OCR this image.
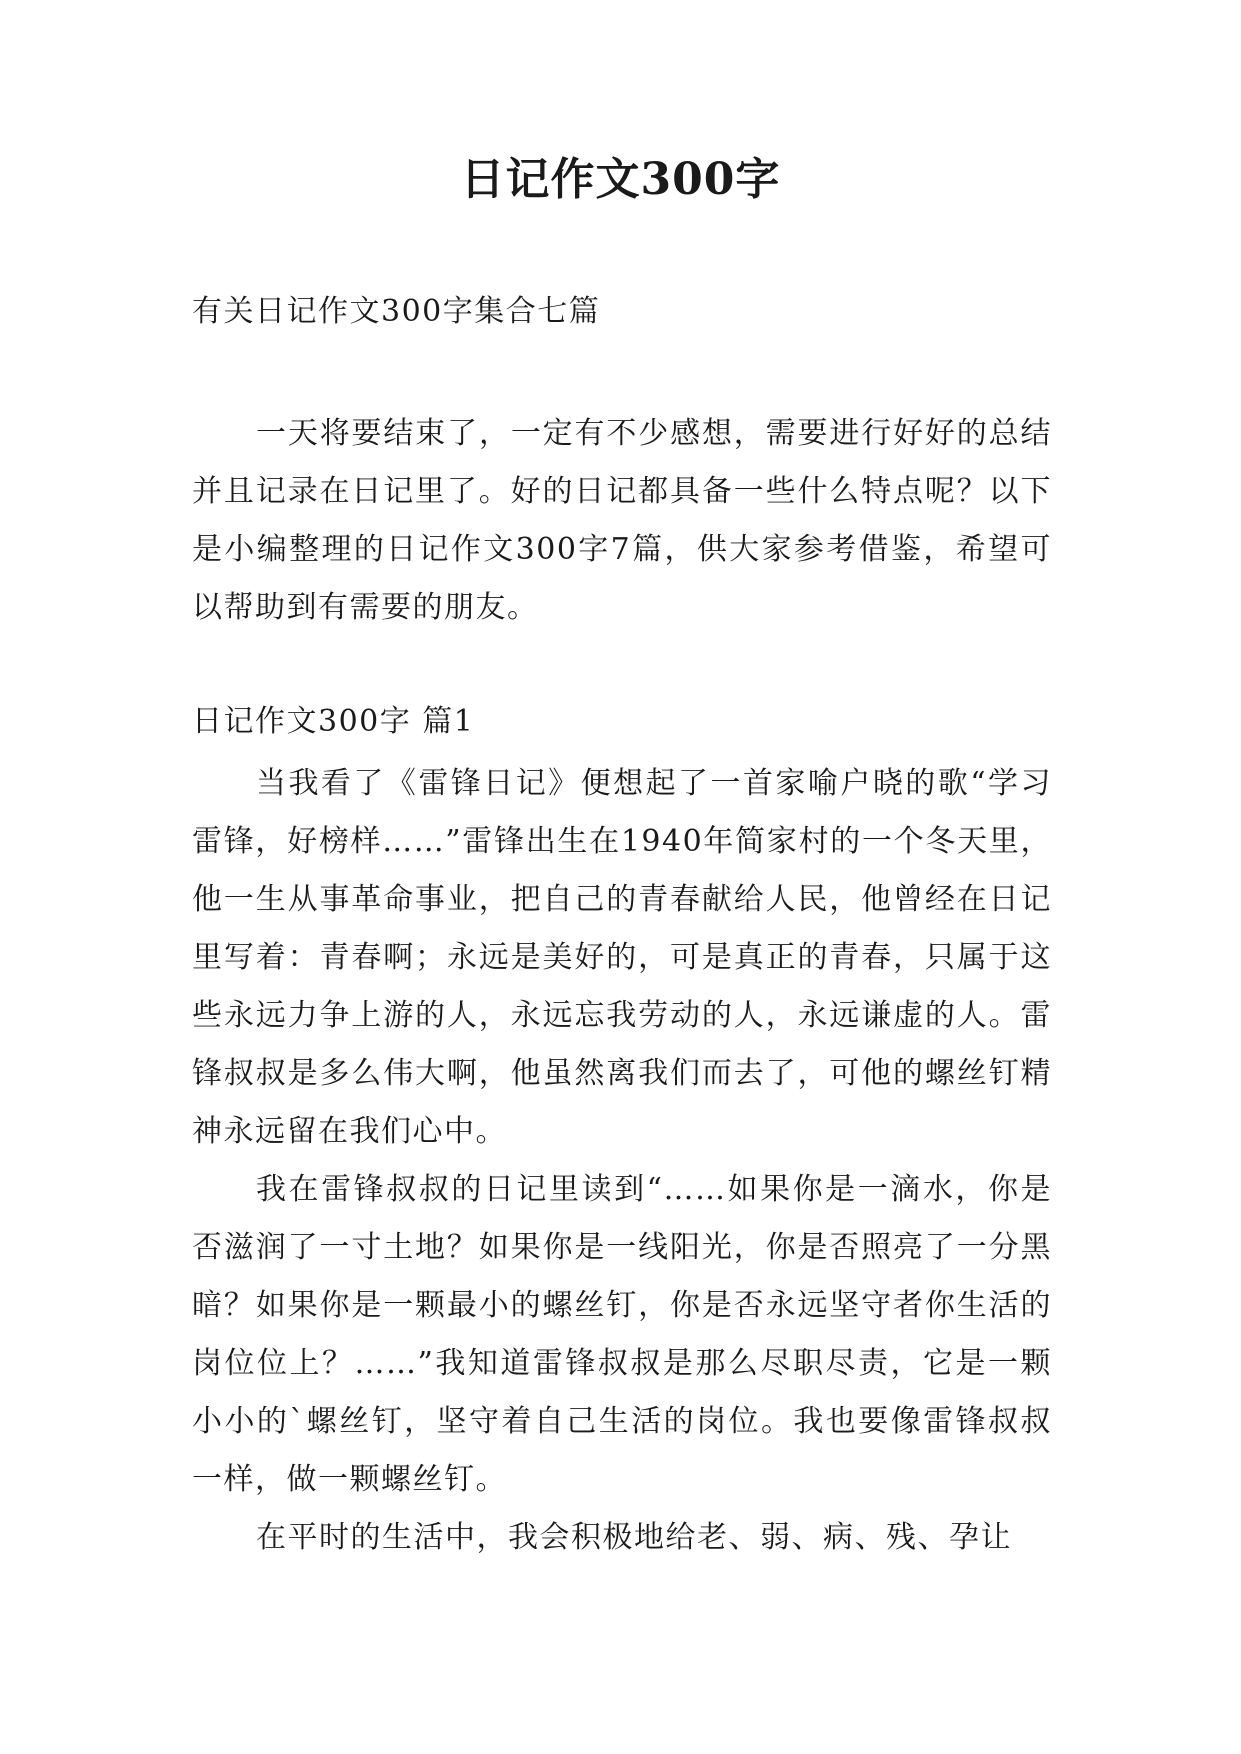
日记作文300字

有关日记作文300字集合七篇

一天将要结束了，一定有不少感想，需要进行好好的总结并且记录在日记里了。好的日记都具备一些什么特点呢？以下是小编整理的日记作文300字7篇，供大家参考借鉴，希望可以帮助到有需要的朋友。

日记作文300字 篇1

当我看了《雷锋日记》便想起了一首家喻户晓的歌“学习雷锋，好榜样……”雷锋出生在1940年简家村的一个冬天里，他一生从事革命事业，把自己的青春献给人民，他曾经在日记里写着：青春啊；永远是美好的，可是真正的青春，只属于这些永远力争上游的人，永远忘我劳动的人，永远谦虚的人。雷锋叔叔是多么伟大啊，他虽然离我们而去了，可他的螺丝钉精神永远留在我们心中。

我在雷锋叔叔的日记里读到“……如果你是一滴水，你是否滋润了一寸土地？如果你是一线阳光，你是否照亮了一分黑暗？如果你是一颗最小的螺丝钉，你是否永远坚守者你生活的岗位位上？……”我知道雷锋叔叔是那么尽职尽责，它是一颗小小的`螺丝钉，坚守着自己生活的岗位。我也要像雷锋叔叔一样，做一颗螺丝钉。

在平时的生活中，我会积极地给老、弱、病、残、孕让
